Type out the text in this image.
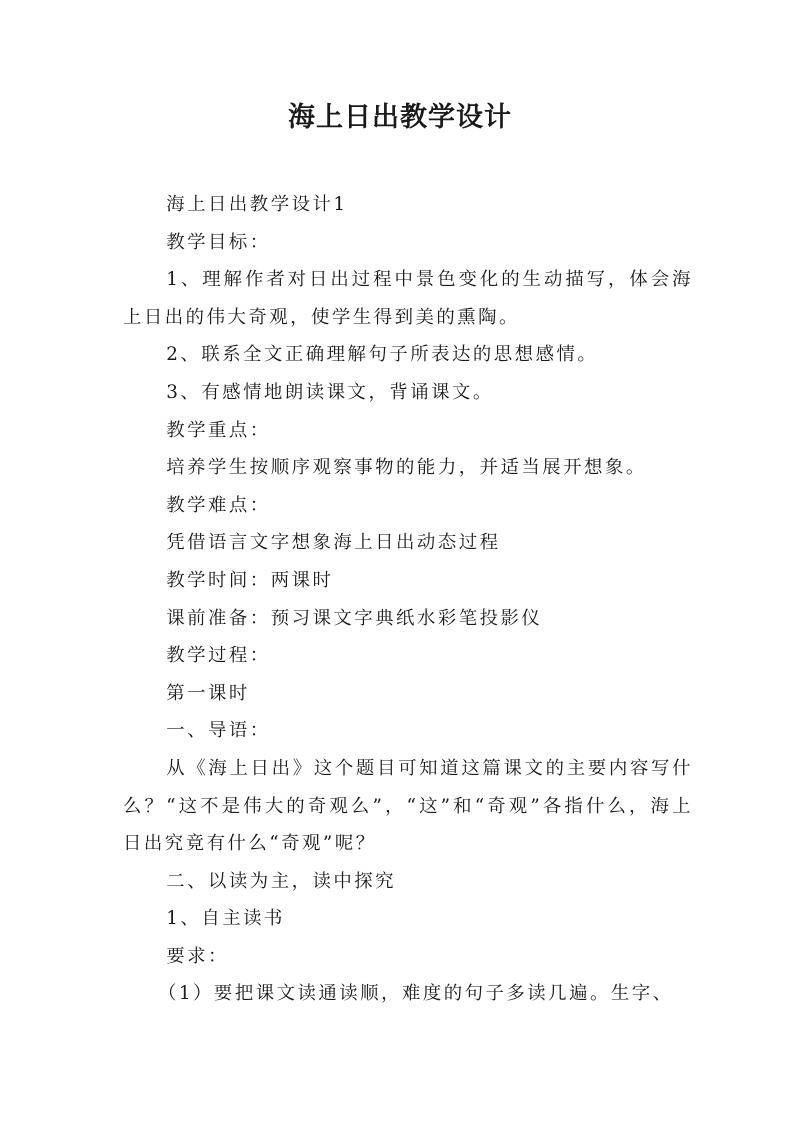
海上日出教学设计

海上日出教学设计1

教学目标：

1、理解作者对日出过程中景色变化的生动描写，体会海上日出的伟大奇观，使学生得到美的熏陶。

2、联系全文正确理解句子所表达的思想感情。

3、有感情地朗读课文，背诵课文。

教学重点：

培养学生按顺序观察事物的能力，并适当展开想象。

教学难点：

凭借语言文字想象海上日出动态过程

教学时间：两课时

课前准备：预习课文字典纸水彩笔投影仪

教学过程：

第一课时

一、导语：

从《海上日出》这个题目可知道这篇课文的主要内容写什么？“这不是伟大的奇观么”，“这”和“奇观”各指什么，海上日出究竟有什么“奇观”呢？

二、以读为主，读中探究

1、自主读书

要求：

（1）要把课文读通读顺，难度的句子多读几遍。生字、
